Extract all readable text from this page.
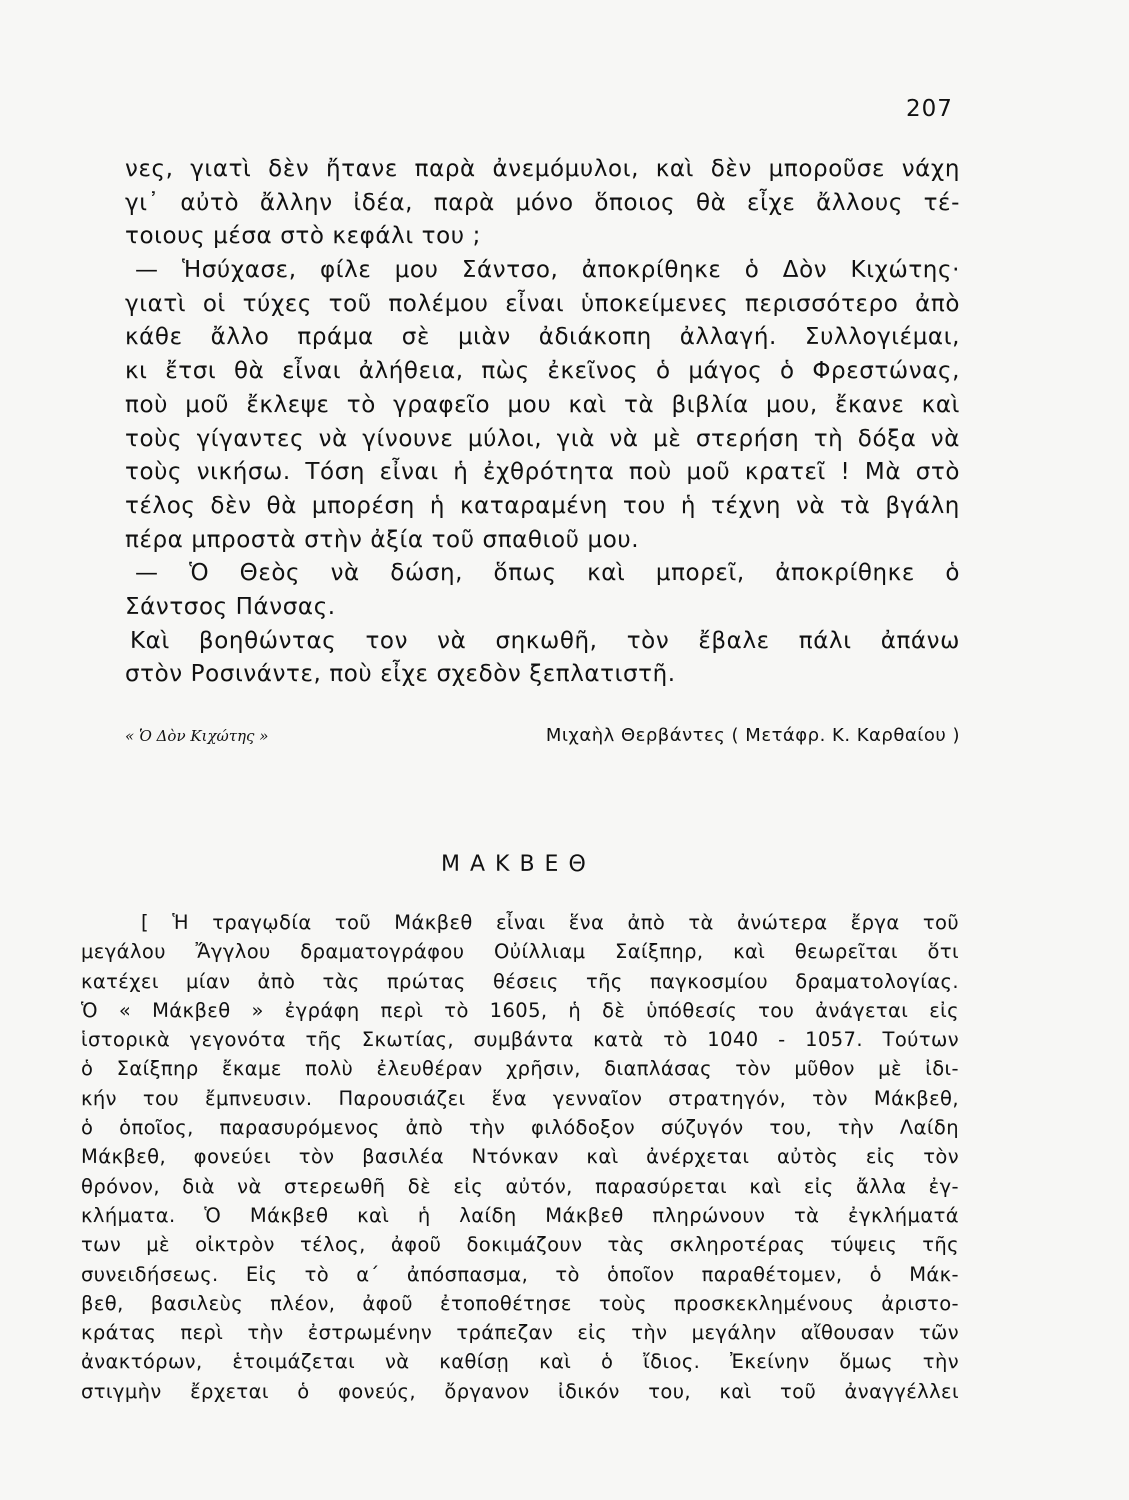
207
νες, γιατὶ δὲν ἤτανε παρὰ ἀνεμόμυλοι, καὶ δὲν μποροῦσε νάχη
γι᾽ αὐτὸ ἄλλην ἰδέα, παρὰ μόνο ὅποιος θὰ εἶχε ἄλλους τέ-
τοιους μέσα στὸ κεφάλι του ;
— Ἡσύχασε, φίλε μου Σάντσο, ἀποκρίθηκε ὁ Δὸν Κιχώτης·
γιατὶ οἱ τύχες τοῦ πολέμου εἶναι ὑποκείμενες περισσότερο ἀπὸ
κάθε ἄλλο πράμα σὲ μιὰν ἀδιάκοπη ἀλλαγή. Συλλογιέμαι,
κι ἔτσι θὰ εἶναι ἀλήθεια, πὼς ἐκεῖνος ὁ μάγος ὁ Φρεστώνας,
ποὺ μοῦ ἔκλεψε τὸ γραφεῖο μου καὶ τὰ βιβλία μου, ἔκανε καὶ
τοὺς γίγαντες νὰ γίνουνε μύλοι, γιὰ νὰ μὲ στερήση τὴ δόξα νὰ
τοὺς νικήσω. Τόση εἶναι ἡ ἐχθρότητα ποὺ μοῦ κρατεῖ ! Μὰ στὸ
τέλος δὲν θὰ μπορέση ἡ καταραμένη του ἡ τέχνη νὰ τὰ βγάλη
πέρα μπροστὰ στὴν ἀξία τοῦ σπαθιοῦ μου.
— Ὁ Θεὸς νὰ δώση, ὅπως καὶ μπορεῖ, ἀποκρίθηκε ὁ
Σάντσος Πάνσας.
Καὶ βοηθώντας τον νὰ σηκωθῆ, τὸν ἔβαλε πάλι ἀπάνω
στὸν Ροσινάντε, ποὺ εἶχε σχεδὸν ξεπλατιστῆ.
« Ὁ Δὸν Κιχώτης »	Μιχαὴλ Θερβάντες ( Μετάφρ. Κ. Καρθαίου )
ΜΑΚΒΕΘ
[ Ἡ τραγῳδία τοῦ Μάκβεθ εἶναι ἕνα ἀπὸ τὰ ἀνώτερα ἔργα τοῦ
μεγάλου Ἄγγλου δραματογράφου Οὐίλλιαμ Σαίξπηρ, καὶ θεωρεῖται ὅτι
κατέχει μίαν ἀπὸ τὰς πρώτας θέσεις τῆς παγκοσμίου δραματολογίας.
Ὁ « Μάκβεθ » ἐγράφη περὶ τὸ 1605, ἡ δὲ ὑπόθεσίς του ἀνάγεται εἰς
ἱστορικὰ γεγονότα τῆς Σκωτίας, συμβάντα κατὰ τὸ 1040 - 1057. Τούτων
ὁ Σαίξπηρ ἔκαμε πολὺ ἐλευθέραν χρῆσιν, διαπλάσας τὸν μῦθον μὲ ἰδι-
κήν του ἔμπνευσιν. Παρουσιάζει ἕνα γενναῖον στρατηγόν, τὸν Μάκβεθ,
ὁ ὁποῖος, παρασυρόμενος ἀπὸ τὴν φιλόδοξον σύζυγόν του, τὴν Λαίδη
Μάκβεθ, φονεύει τὸν βασιλέα Ντόνκαν καὶ ἀνέρχεται αὐτὸς εἰς τὸν
θρόνον, διὰ νὰ στερεωθῆ δὲ εἰς αὐτόν, παρασύρεται καὶ εἰς ἄλλα ἐγ-
κλήματα. Ὁ Μάκβεθ καὶ ἡ λαίδη Μάκβεθ πληρώνουν τὰ ἐγκλήματά
των μὲ οἰκτρὸν τέλος, ἀφοῦ δοκιμάζουν τὰς σκληροτέρας τύψεις τῆς
συνειδήσεως. Εἰς τὸ α΄ ἀπόσπασμα, τὸ ὁποῖον παραθέτομεν, ὁ Μάκ-
βεθ, βασιλεὺς πλέον, ἀφοῦ ἐτοποθέτησε τοὺς προσκεκλημένους ἀριστο-
κράτας περὶ τὴν ἐστρωμένην τράπεζαν εἰς τὴν μεγάλην αἴθουσαν τῶν
ἀνακτόρων, ἑτοιμάζεται νὰ καθίσῃ καὶ ὁ ἴδιος. Ἐκείνην ὅμως τὴν
στιγμὴν ἔρχεται ὁ φονεύς, ὄργανον ἰδικόν του, καὶ τοῦ ἀναγγέλλει
